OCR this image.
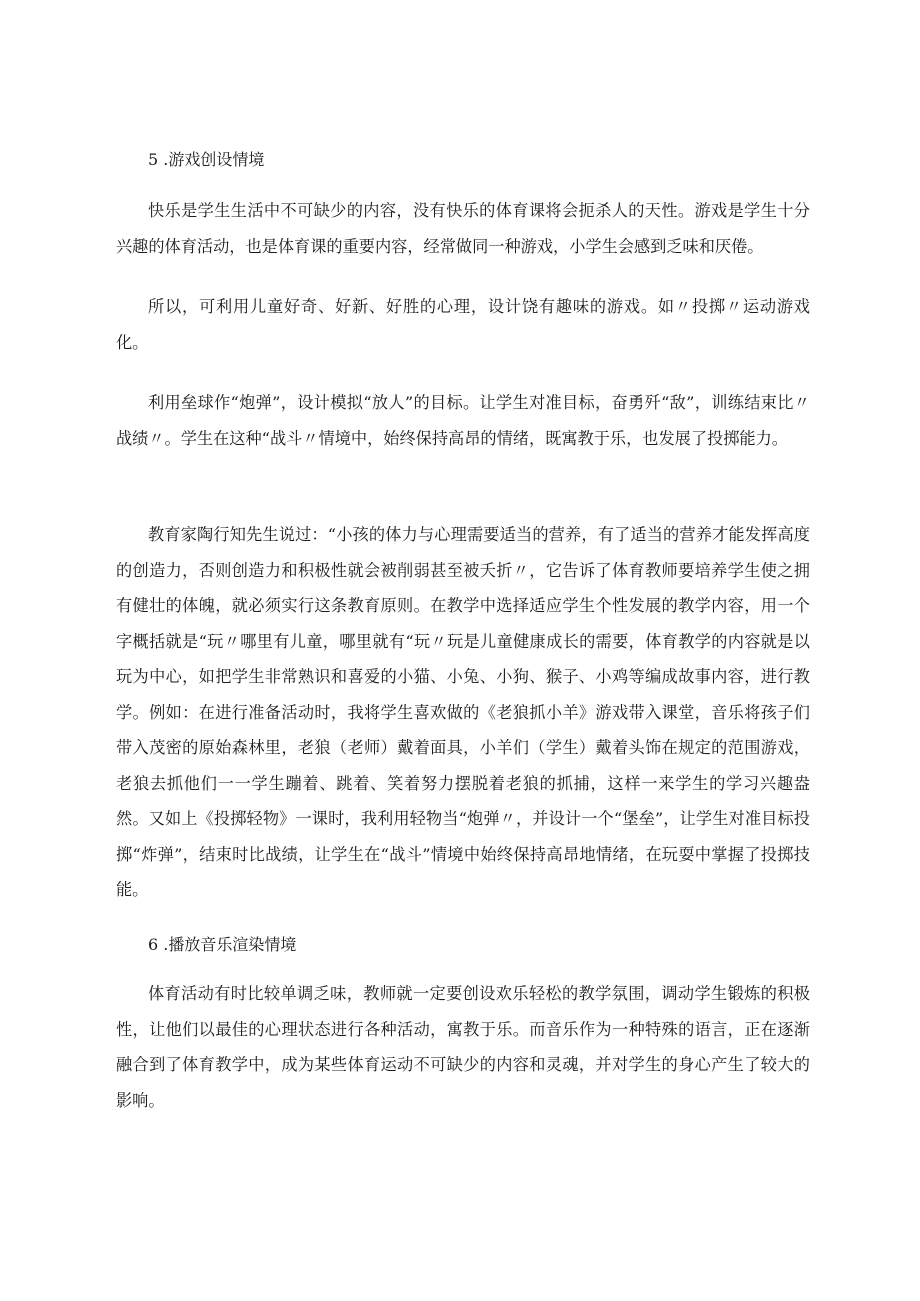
5 .游戏创设情境

快乐是学生生活中不可缺少的内容，没有快乐的体育课将会扼杀人的天性。游戏是学生十分兴趣的体育活动，也是体育课的重要内容，经常做同一种游戏，小学生会感到乏味和厌倦。

所以，可利用儿童好奇、好新、好胜的心理，设计饶有趣味的游戏。如〃投掷〃运动游戏化。

利用垒球作“炮弹”，设计模拟“放人”的目标。让学生对准目标，奋勇歼“敌”，训练结束比〃战绩〃。学生在这种“战斗〃情境中，始终保持高昂的情绪，既寓教于乐，也发展了投掷能力。

教育家陶行知先生说过：“小孩的体力与心理需要适当的营养，有了适当的营养才能发挥高度的创造力，否则创造力和积极性就会被削弱甚至被夭折〃，它告诉了体育教师要培养学生使之拥有健壮的体魄，就必须实行这条教育原则。在教学中选择适应学生个性发展的教学内容，用一个字概括就是“玩〃哪里有儿童，哪里就有“玩〃玩是儿童健康成长的需要，体育教学的内容就是以玩为中心，如把学生非常熟识和喜爱的小猫、小兔、小狗、猴子、小鸡等编成故事内容，进行教学。例如：在进行准备活动时，我将学生喜欢做的《老狼抓小羊》游戏带入课堂，音乐将孩子们带入茂密的原始森林里，老狼（老师）戴着面具，小羊们（学生）戴着头饰在规定的范围游戏，老狼去抓他们一一学生蹦着、跳着、笑着努力摆脱着老狼的抓捕，这样一来学生的学习兴趣盎然。又如上《投掷轻物》一课时，我利用轻物当“炮弹〃，并设计一个“堡垒”，让学生对准目标投掷“炸弹”，结束时比战绩，让学生在“战斗”情境中始终保持高昂地情绪，在玩耍中掌握了投掷技能。

6 .播放音乐渲染情境

体育活动有时比较单调乏味，教师就一定要创设欢乐轻松的教学氛围，调动学生锻炼的积极性，让他们以最佳的心理状态进行各种活动，寓教于乐。而音乐作为一种特殊的语言，正在逐渐融合到了体育教学中，成为某些体育运动不可缺少的内容和灵魂，并对学生的身心产生了较大的影响。
